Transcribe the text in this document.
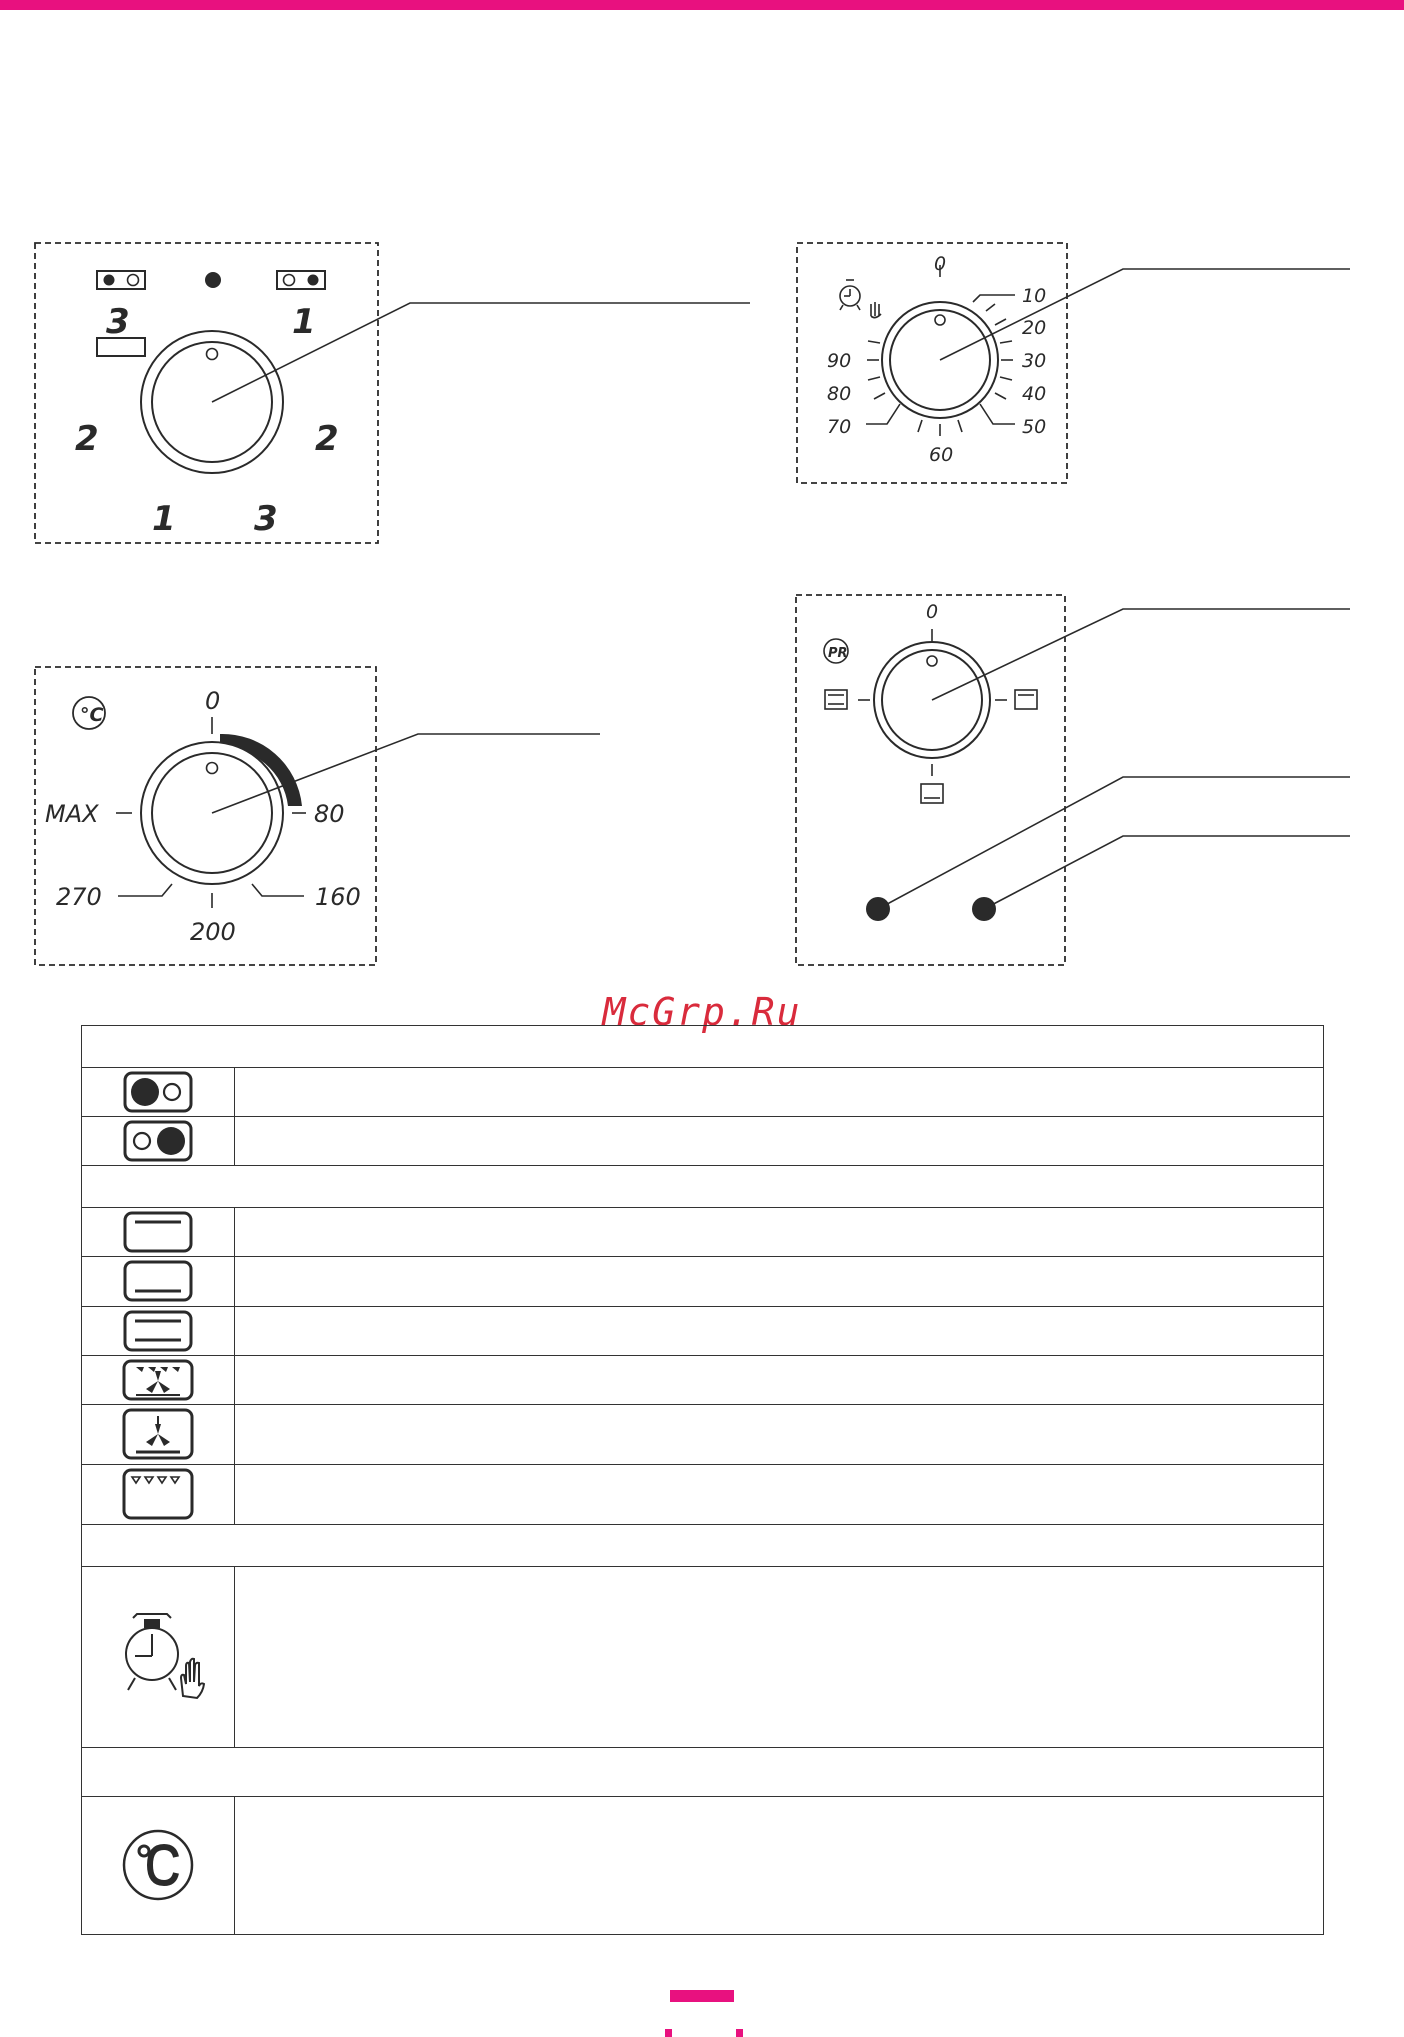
3	1
2	2
1 3
0
10
20
30
40
50
60
70
80
90
°C	0
80
160
200
270
MAX
PR
0
McGrp.Ru
